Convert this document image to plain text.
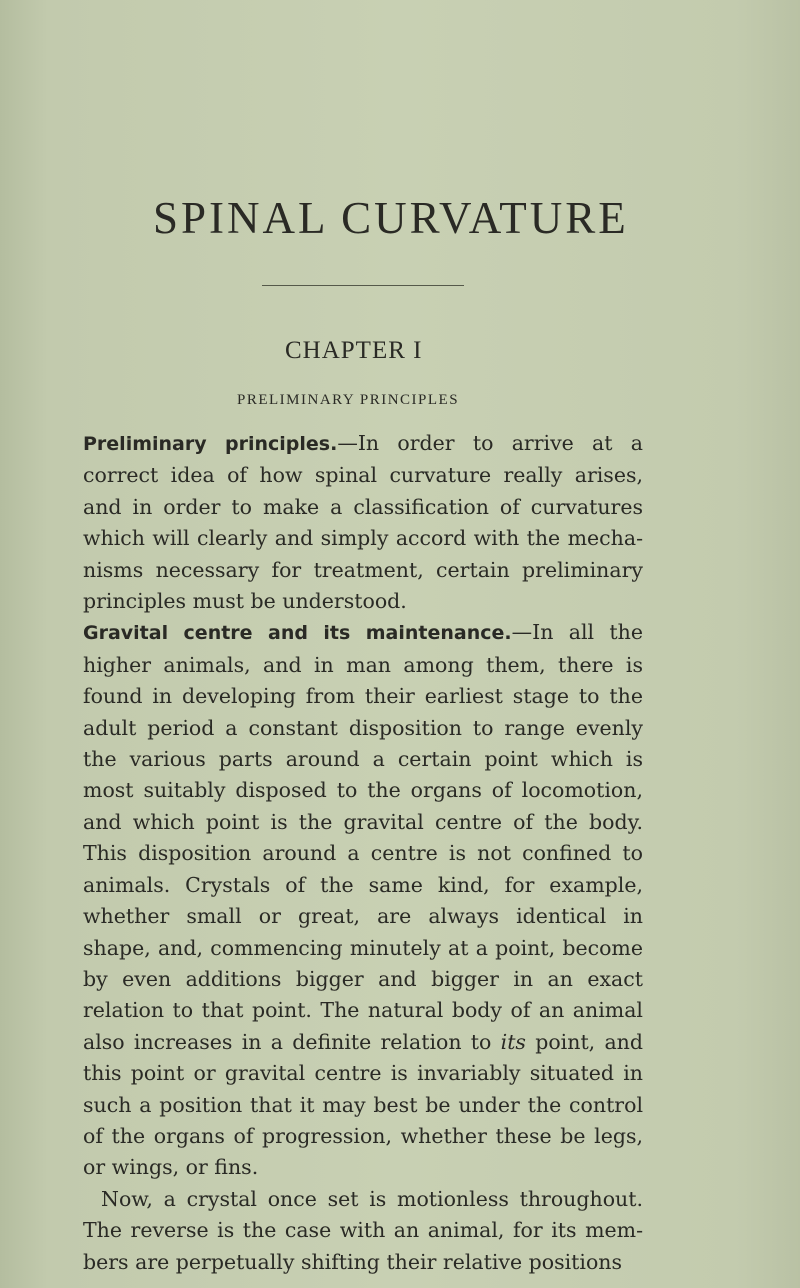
SPINAL CURVATURE
CHAPTER I
PRELIMINARY PRINCIPLES

Preliminary principles.—In order to arrive at a correct idea of how spinal curvature really arises, and in order to make a classification of curvatures which will clearly and simply accord with the mecha-nisms necessary for treatment, certain preliminary principles must be understood.

Gravital centre and its maintenance.—In all the higher animals, and in man among them, there is found in developing from their earliest stage to the adult period a constant disposition to range evenly the various parts around a certain point which is most suitably disposed to the organs of locomotion, and which point is the gravital centre of the body. This disposition around a centre is not confined to animals. Crystals of the same kind, for example, whether small or great, are always identical in shape, and, commencing minutely at a point, become by even additions bigger and bigger in an exact relation to that point. The natural body of an animal also increases in a definite relation to its point, and this point or gravital centre is invariably situated in such a position that it may best be under the control of the organs of progression, whether these be legs, or wings, or fins.

Now, a crystal once set is motionless throughout. The reverse is the case with an animal, for its mem-bers are perpetually shifting their relative positions
